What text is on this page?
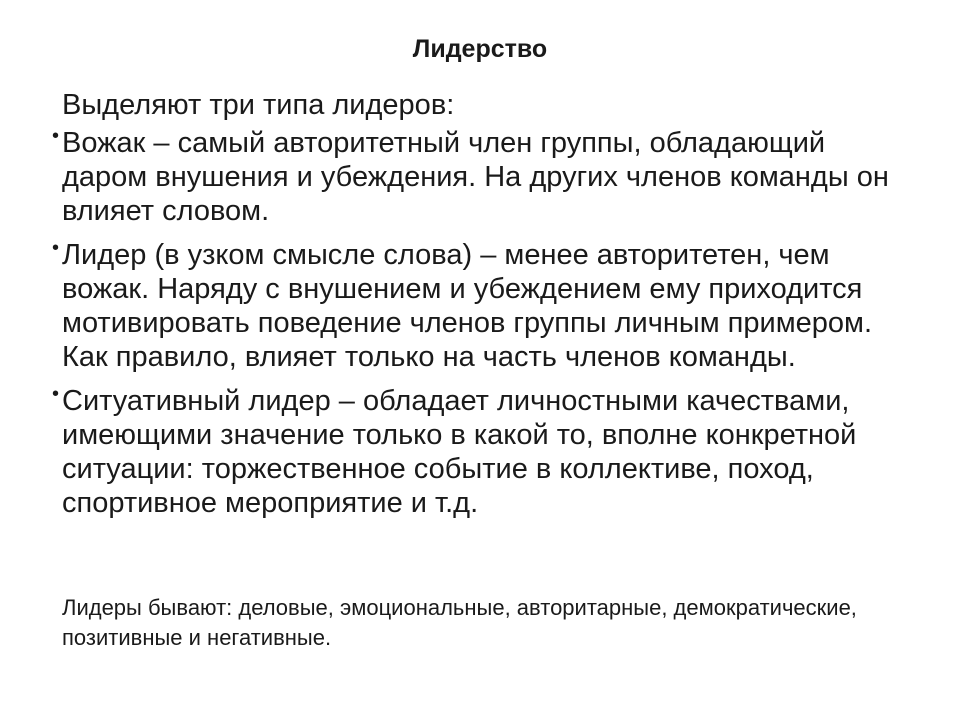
Лидерство
Выделяют три типа лидеров:
• Вожак – самый авторитетный член группы, обладающий даром внушения и убеждения. На других членов команды он влияет словом.
• Лидер (в узком смысле слова) – менее авторитетен, чем вожак. Наряду с внушением и убеждением ему приходится мотивировать поведение членов группы личным примером. Как правило, влияет только на часть членов команды.
• Ситуативный лидер – обладает личностными качествами, имеющими значение только в какой то, вполне конкретной ситуации: торжественное событие в коллективе, поход, спортивное мероприятие и т.д.
Лидеры бывают: деловые, эмоциональные, авторитарные, демократические, позитивные и негативные.
